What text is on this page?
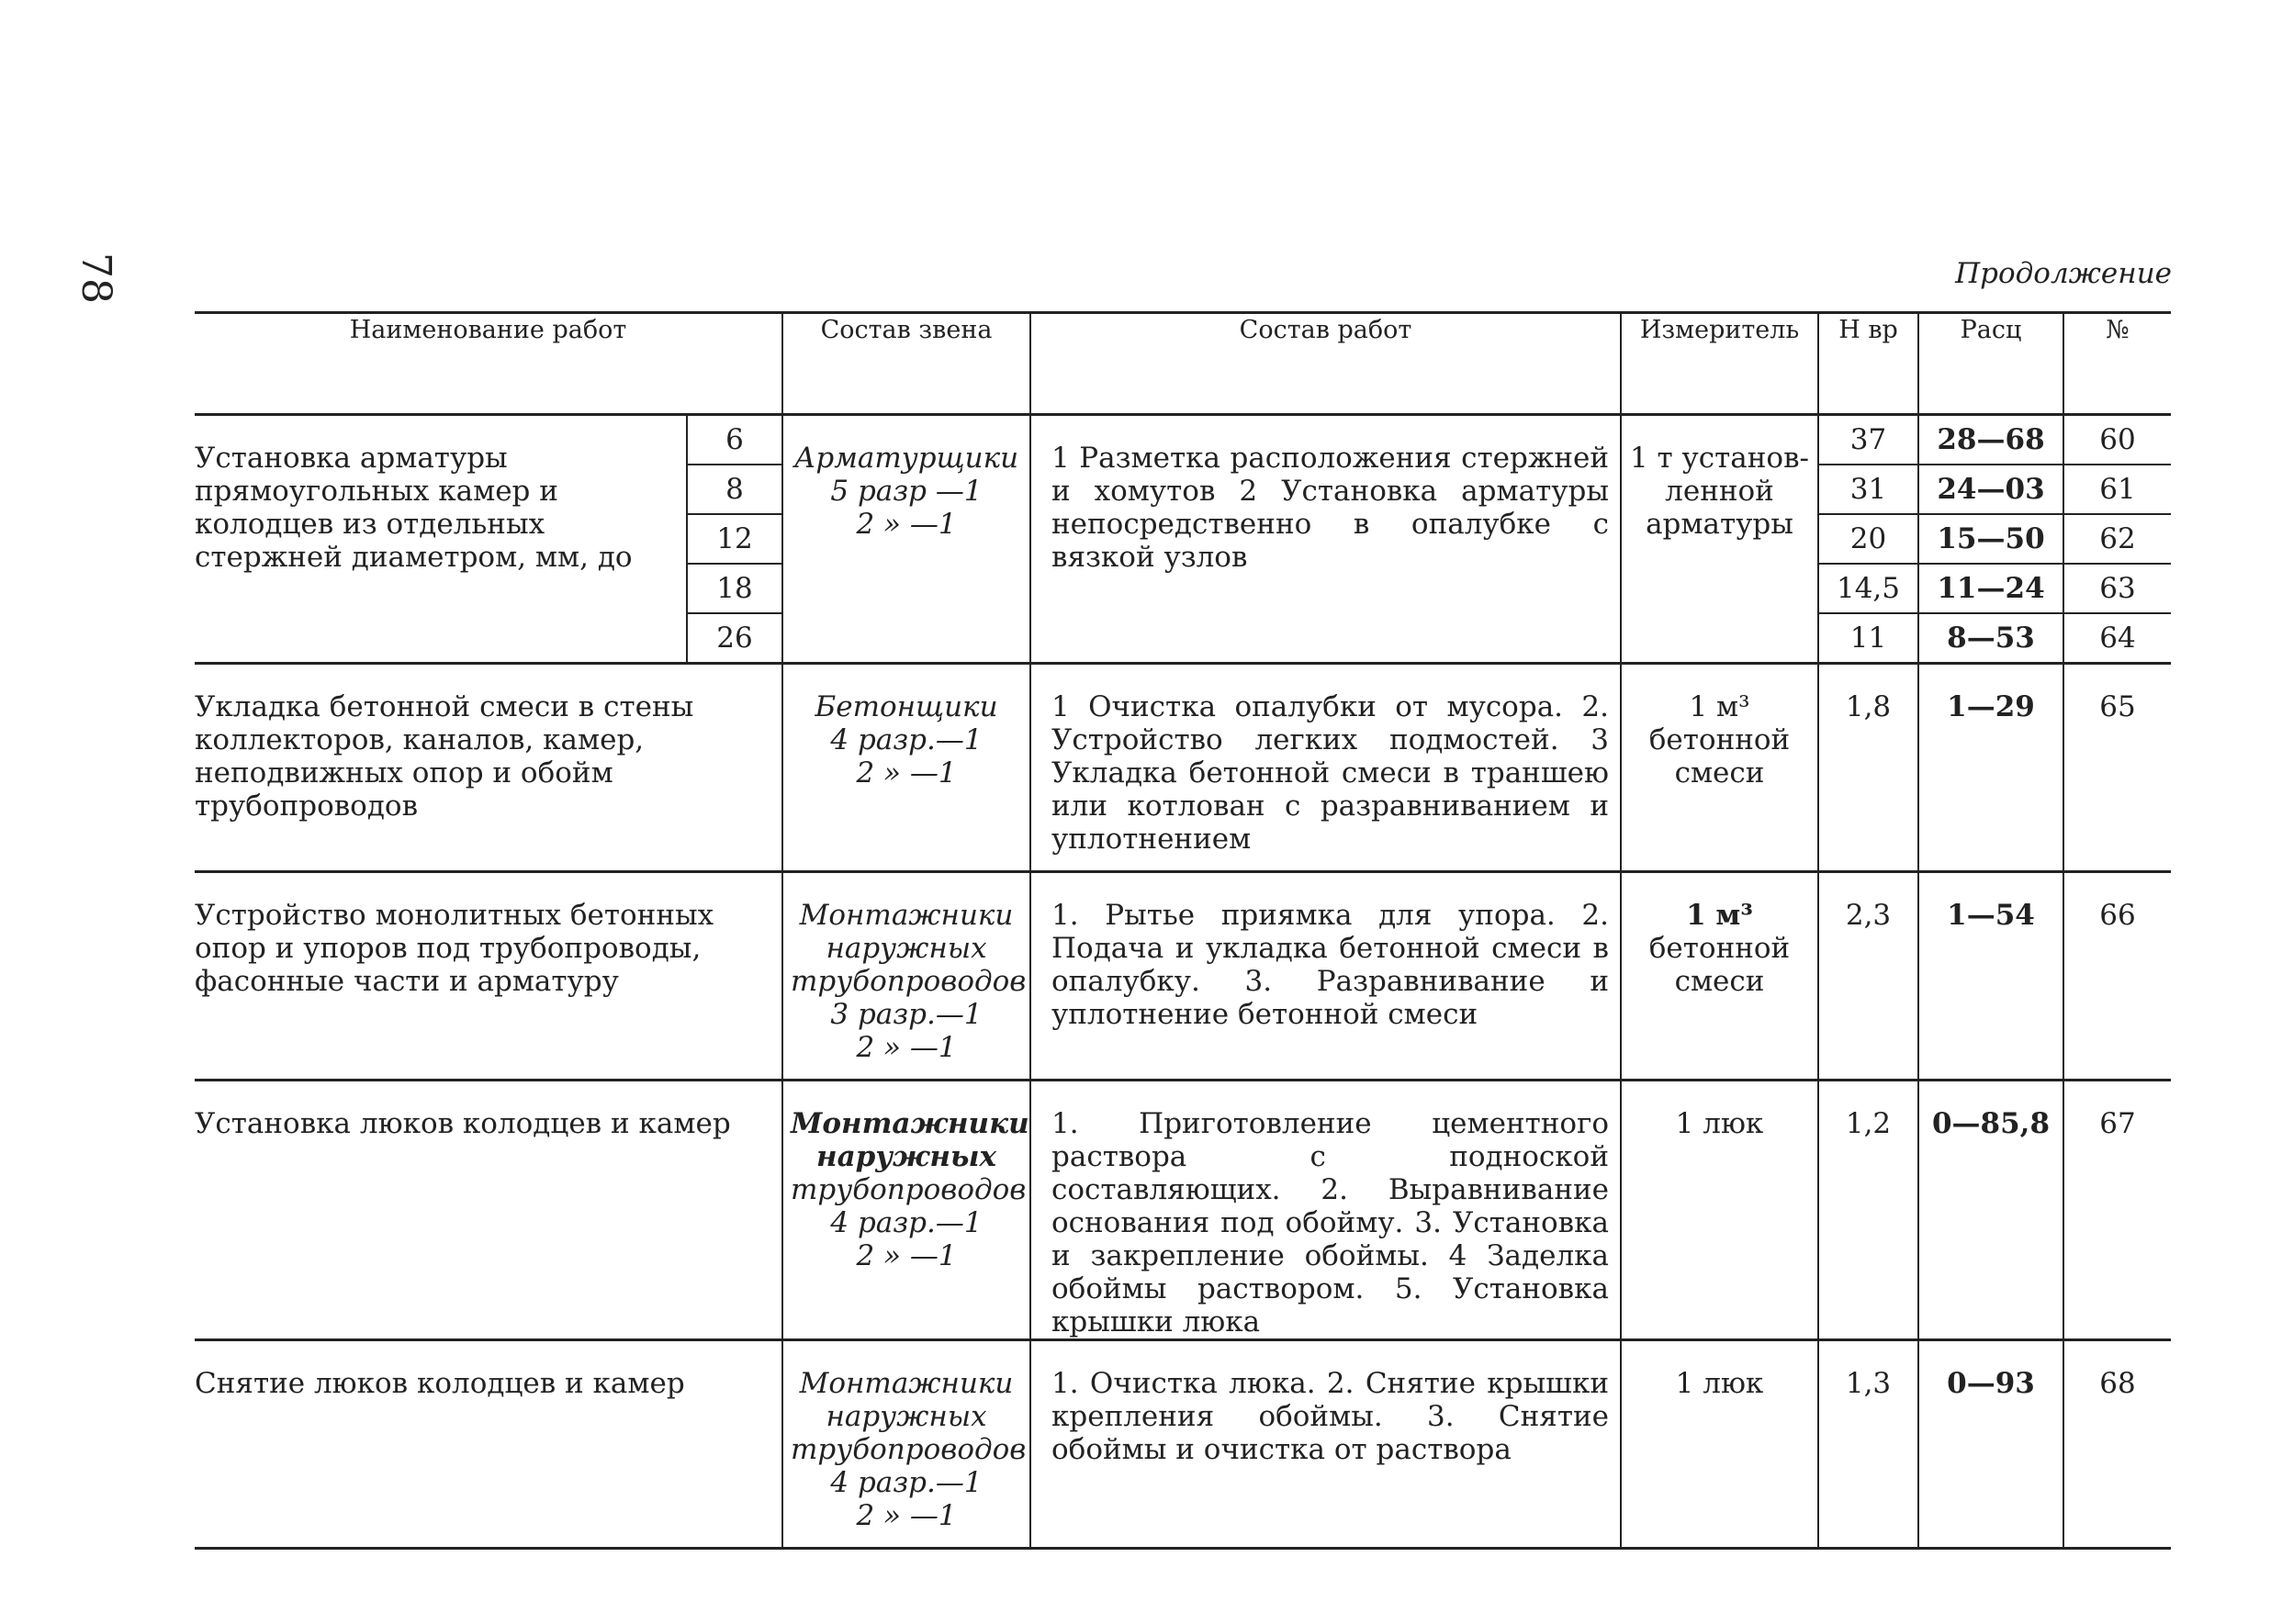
78	Продолжение
Наименование работ		Состав звена	Состав работ	Измеритель	Н вр	Расц	№
Установка арматуры прямоугольных камер и колодцев из отдельных стержней диаметром, мм, до	6	Арматурщики
5 разр —1
2 » —1	1 Разметка расположения стержней и хомутов 2 Установка арматуры непосредственно в опалубке с вязкой узлов	1 т установ-
ленной
арматуры	37	28—68	60
	8				31	24—03	61
	12				20	15—50	62
	18				14,5	11—24	63
	26				11	8—53	64
Укладка бетонной смеси в стены коллекторов, каналов, камер, неподвижных опор и обойм трубопроводов		Бетонщики
4 разр.—1
2 » —1	1 Очистка опалубки от мусора. 2. Устройство легких подмостей. 3 Укладка бетонной смеси в траншею или котлован с разравниванием и уплотнением	1 м³
бетонной
смеси	1,8	1—29	65
Устройство монолитных бетонных опор и упоров под трубопроводы, фасонные части и арматуру		Монтажники
наружных
трубопроводов
3 разр.—1
2 » —1	1. Рытье приямка для упора. 2. Подача и укладка бетонной смеси в опалубку. 3. Разравнивание и уплотнение бетонной смеси	1 м³
бетонной
смеси	2,3	1—54	66
Установка люков колодцев и камер		Монтажники
наружных
трубопроводов
4 разр.—1
2 » —1	1. Приготовление цементного раствора с подноской составляющих. 2. Выравнивание основания под обойму. 3. Установка и закрепление обоймы. 4 Заделка обоймы раствором. 5. Установка крышки люка	1 люк	1,2	0—85,8	67
Снятие люков колодцев и камер		Монтажники
наружных
трубопроводов
4 разр.—1
2 » —1	1. Очистка люка. 2. Снятие крышки крепления обоймы. 3. Снятие обоймы и очистка от раствора	1 люк	1,3	0—93	68
